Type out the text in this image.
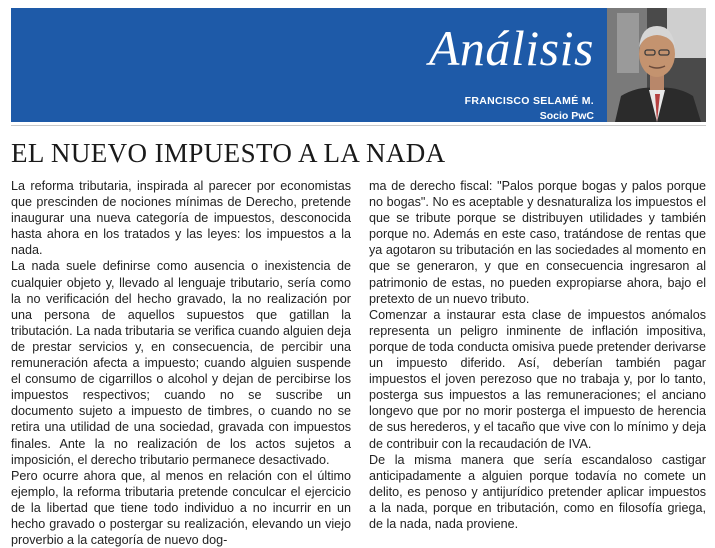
Análisis
FRANCISCO SELAMÉ M.
Socio PwC
EL NUEVO IMPUESTO A LA NADA

La reforma tributaria, inspirada al parecer por economistas que prescinden de nociones mínimas de Derecho, pretende inaugurar una nueva categoría de impuestos, desconocida hasta ahora en los tratados y las leyes: los impuestos a la nada.

La nada suele definirse como ausencia o inexistencia de cualquier objeto y, llevado al lenguaje tributario, sería como la no verificación del hecho gravado, la no realización por una persona de aquellos supuestos que gatillan la tributación. La nada tributaria se verifica cuando alguien deja de prestar servicios y, en consecuencia, de percibir una remuneración afecta a impuesto; cuando alguien suspende el consumo de cigarrillos o alcohol y dejan de percibirse los impuestos respectivos; cuando no se suscribe un documento sujeto a impuesto de timbres, o cuando no se retira una utilidad de una sociedad, gravada con impuestos finales. Ante la no realización de los actos sujetos a imposición, el derecho tributario permanece desactivado.

Pero ocurre ahora que, al menos en relación con el último ejemplo, la reforma tributaria pretende conculcar el ejercicio de la libertad que tiene todo individuo a no incurrir en un hecho gravado o postergar su realización, elevando un viejo proverbio a la categoría de nuevo dog-

ma de derecho fiscal: "Palos porque bogas y palos porque no bogas". No es aceptable y desnaturaliza los impuestos el que se tribute porque se distribuyen utilidades y también porque no. Además en este caso, tratándose de rentas que ya agotaron su tributación en las sociedades al momento en que se generaron, y que en consecuencia ingresaron al patrimonio de estas, no pueden expropiarse ahora, bajo el pretexto de un nuevo tributo.

Comenzar a instaurar esta clase de impuestos anómalos representa un peligro inminente de inflación impositiva, porque de toda conducta omisiva puede pretender derivarse un impuesto diferido. Así, deberían también pagar impuestos el joven perezoso que no trabaja y, por lo tanto, posterga sus impuestos a las remuneraciones; el anciano longevo que por no morir posterga el impuesto de herencia de sus herederos, y el tacaño que vive con lo mínimo y deja de contribuir con la recaudación de IVA.

De la misma manera que sería escandaloso castigar anticipadamente a alguien porque todavía no comete un delito, es penoso y antijurídico pretender aplicar impuestos a la nada, porque en tributación, como en filosofía griega, de la nada, nada proviene.
